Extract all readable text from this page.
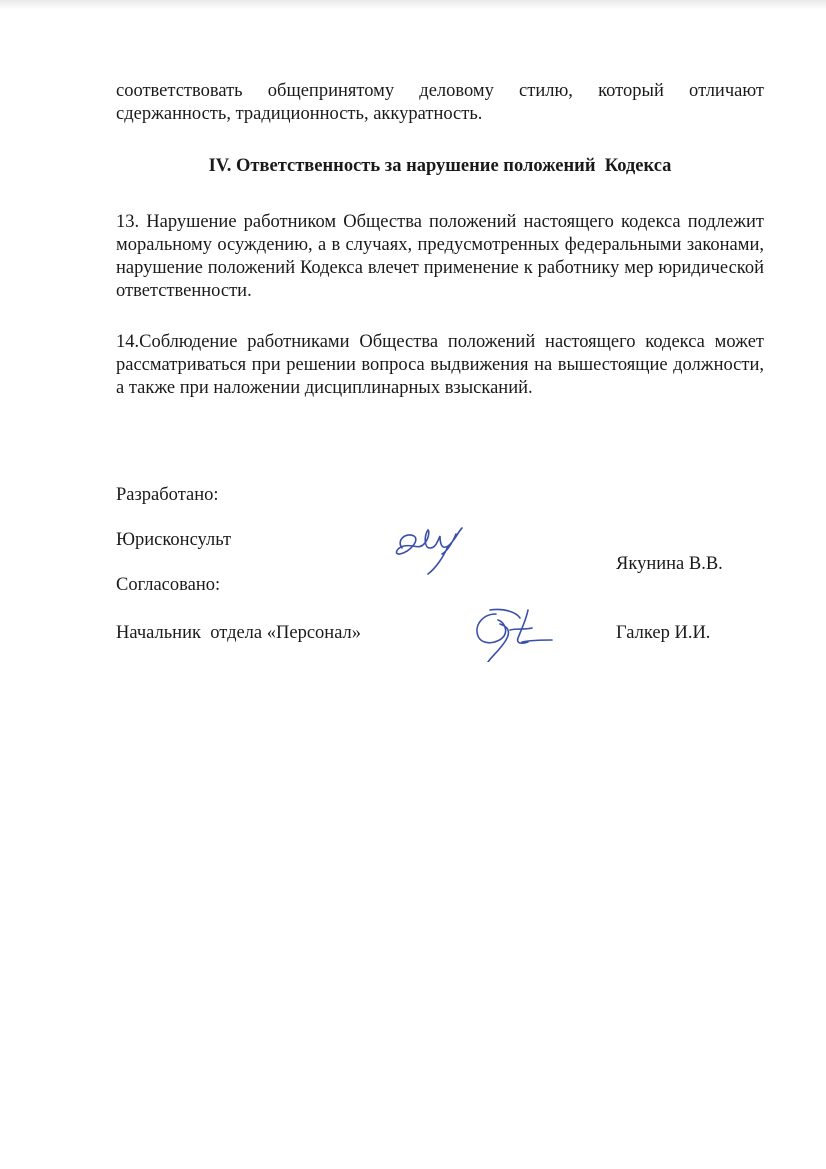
соответствовать общепринятому деловому стилю, который отличают сдержанность, традиционность, аккуратность.

IV. Ответственность за нарушение положений  Кодекса

13. Нарушение работником Общества положений настоящего кодекса подлежит моральному осуждению, а в случаях, предусмотренных федеральными законами, нарушение положений Кодекса влечет применение к работнику мер юридической ответственности.

14.Соблюдение работниками Общества положений настоящего кодекса может рассматриваться при решении вопроса выдвижения на вышестоящие должности, а также при наложении дисциплинарных взысканий.

Разработано:

Юрисконсульт

Якунина В.В.

Согласовано:

Начальник  отдела «Персонал»	Галкер И.И.
